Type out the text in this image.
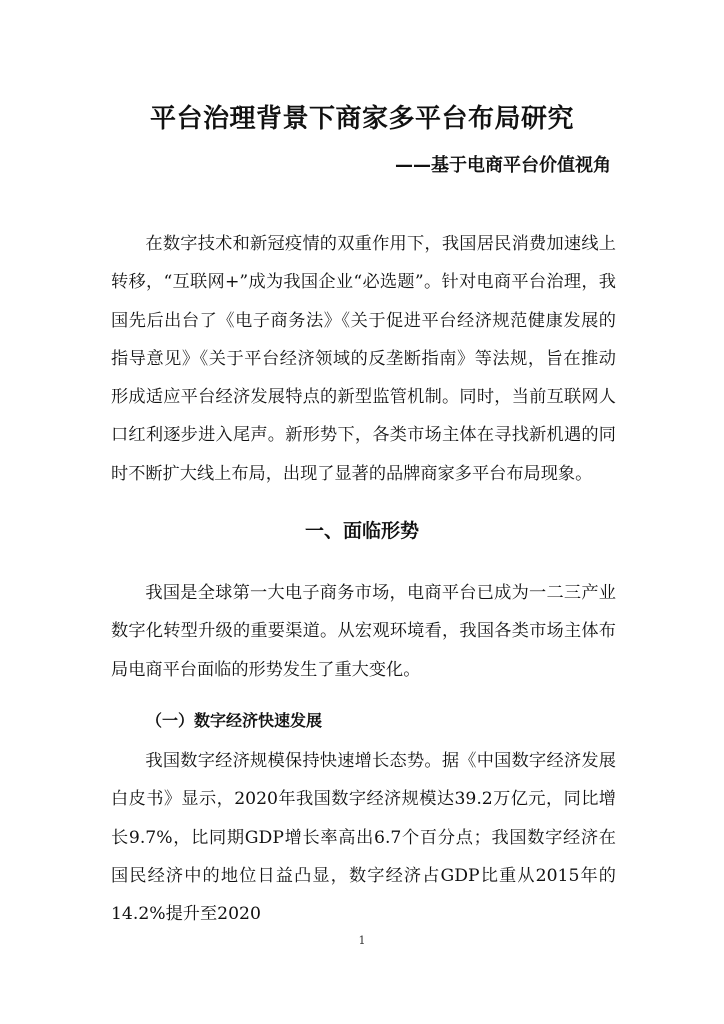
平台治理背景下商家多平台布局研究
——基于电商平台价值视角

在数字技术和新冠疫情的双重作用下，我国居民消费加速线上转移，“互联网+”成为我国企业“必选题”。针对电商平台治理，我国先后出台了《电子商务法》《关于促进平台经济规范健康发展的指导意见》《关于平台经济领域的反垄断指南》等法规，旨在推动形成适应平台经济发展特点的新型监管机制。同时，当前互联网人口红利逐步进入尾声。新形势下，各类市场主体在寻找新机遇的同时不断扩大线上布局，出现了显著的品牌商家多平台布局现象。

一、面临形势

我国是全球第一大电子商务市场，电商平台已成为一二三产业数字化转型升级的重要渠道。从宏观环境看，我国各类市场主体布局电商平台面临的形势发生了重大变化。

（一）数字经济快速发展

我国数字经济规模保持快速增长态势。据《中国数字经济发展白皮书》显示，2020年我国数字经济规模达39.2万亿元，同比增长9.7%，比同期GDP增长率高出6.7个百分点；我国数字经济在国民经济中的地位日益凸显，数字经济占GDP比重从2015年的14.2%提升至2020

1
